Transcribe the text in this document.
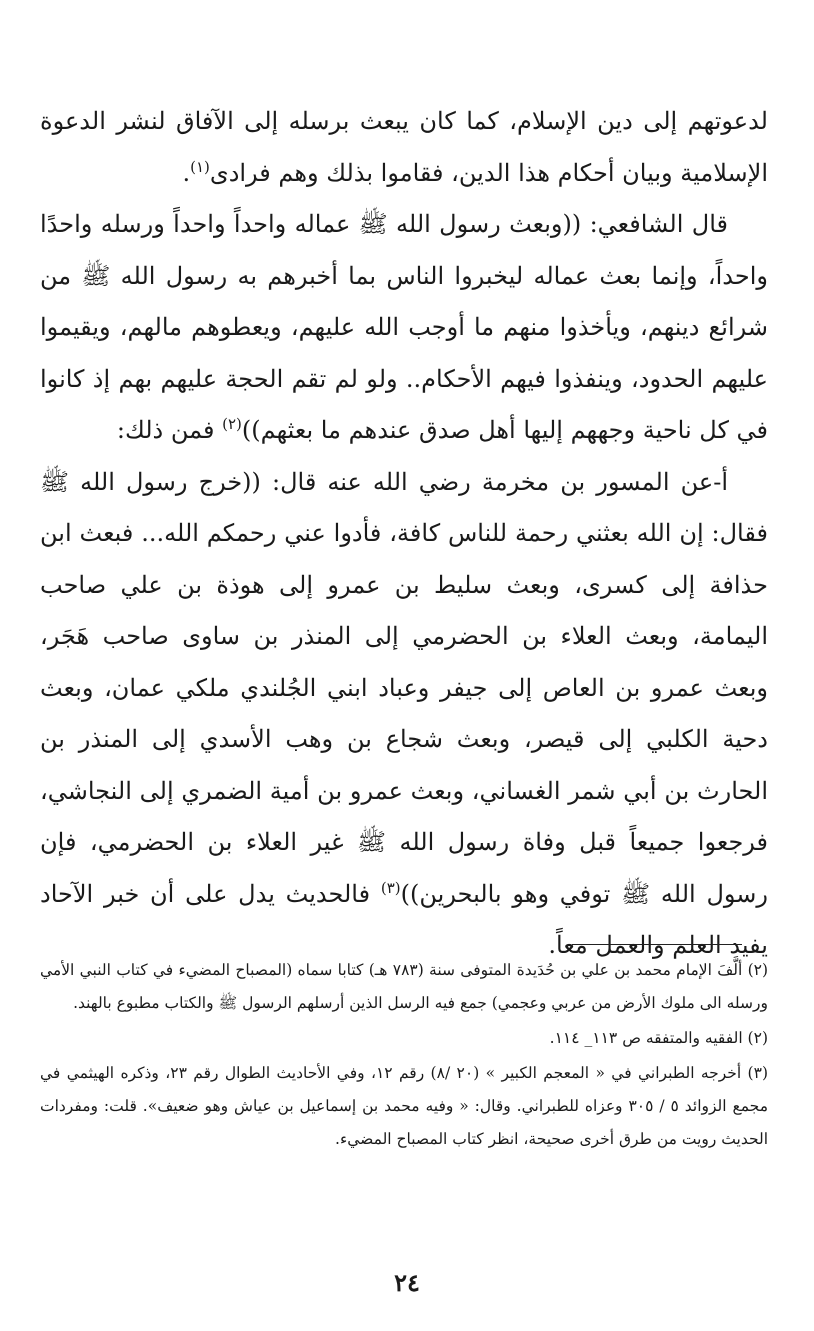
لدعوتهم إلى دين الإسلام، كما كان يبعث برسله إلى الآفاق لنشر الدعوة الإسلامية وبيان أحكام هذا الدين، فقاموا بذلك وهم فرادى$^{(١)}$.

قال الشافعي: ((وبعث رسول الله ﷺ عماله واحداً واحداً ورسله واحدًا واحداً، وإنما بعث عماله ليخبروا الناس بما أخبرهم به رسول الله ﷺ من شرائع دينهم، ويأخذوا منهم ما أوجب الله عليهم، ويعطوهم مالهم، ويقيموا عليهم الحدود، وينفذوا فيهم الأحكام.. ولو لم تقم الحجة عليهم بهم إذ كانوا في كل ناحية وجههم إليها أهل صدق عندهم ما بعثهم))$^{(٢)}$ فمن ذلك:

أ-عن المسور بن مخرمة رضي الله عنه قال: ((خرج رسول الله ﷺ فقال: إن الله بعثني رحمة للناس كافة، فأدوا عني رحمكم الله... فبعث ابن حذافة إلى كسرى، وبعث سليط بن عمرو إلى هوذة بن علي صاحب اليمامة، وبعث العلاء بن الحضرمي إلى المنذر بن ساوى صاحب هَجَر، وبعث عمرو بن العاص إلى جيفر وعباد ابني الجُلندي ملكي عمان، وبعث دحية الكلبي إلى قيصر، وبعث شجاع بن وهب الأسدي إلى المنذر بن الحارث بن أبي شمر الغساني، وبعث عمرو بن أمية الضمري إلى النجاشي، فرجعوا جميعاً قبل وفاة رسول الله ﷺ غير العلاء بن الحضرمي، فإن رسول الله ﷺ توفي وهو بالبحرين))$^{(٣)}$ فالحديث يدل على أن خبر الآحاد يفيد العلم والعمل معاً.

(٢) ألَّفَ الإمام محمد بن علي بن حُدَيدة المتوفى سنة (٧٨٣ هـ) كتابا سماه (المصباح المضيء في كتاب النبي الأمي ورسله الى ملوك الأرض من عربي وعجمي) جمع فيه الرسل الذين أرسلهم الرسول ﷺ والكتاب مطبوع بالهند.

(٢) الفقيه والمتفقه ص ١١٣_ ١١٤.

(٣) أخرجه الطبراني في « المعجم الكبير » (٢٠ /٨) رقم ١٢، وفي الأحاديث الطوال رقم ٢٣، وذكره الهيثمي في مجمع الزوائد ٥ / ٣٠٥ وعزاه للطبراني. وقال: « وفيه محمد بن إسماعيل بن عياش وهو ضعيف». قلت: ومفردات الحديث رويت من طرق أخرى صحيحة، انظر كتاب المصباح المضيء.

٢٤
